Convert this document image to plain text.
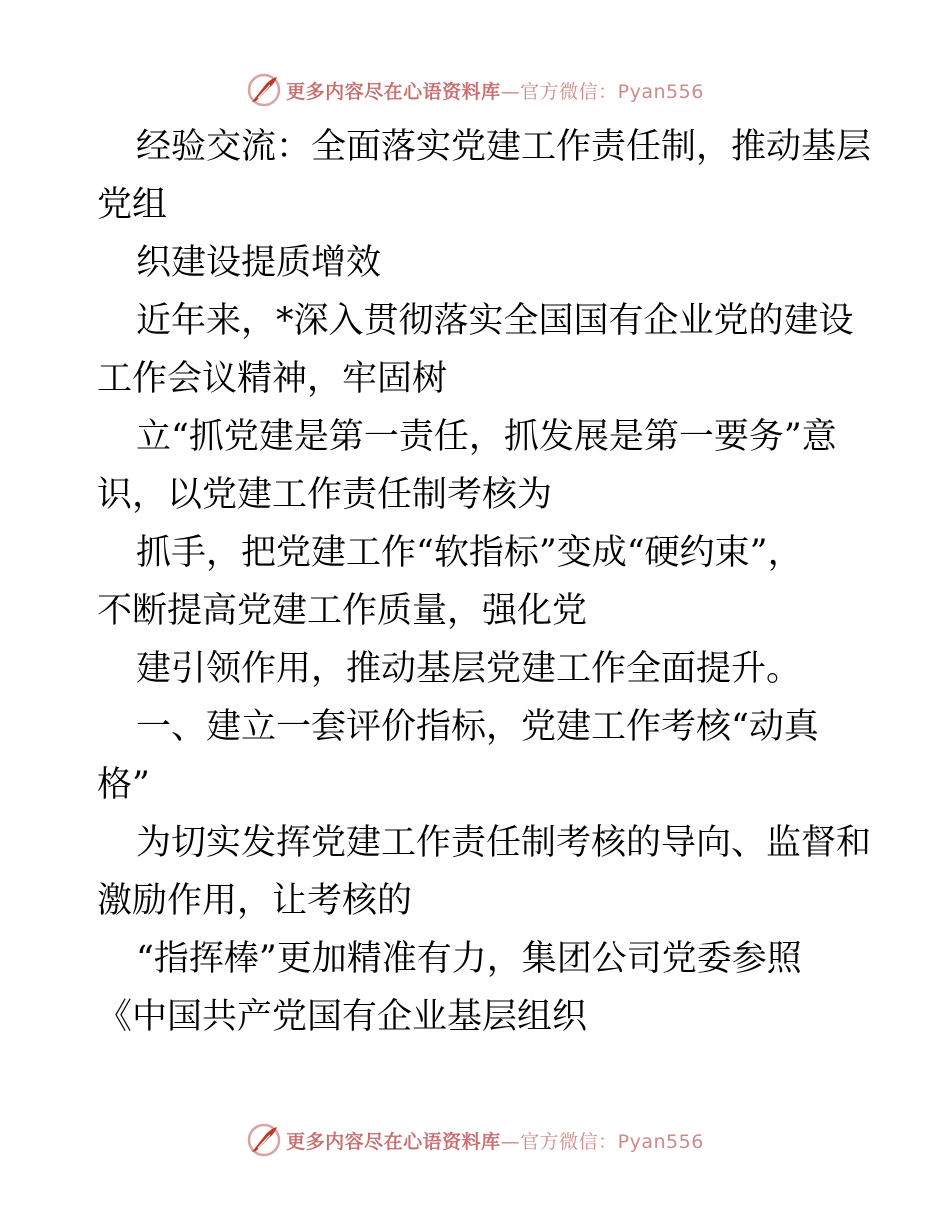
更多内容尽在心语资料库—官方微信：Pyan556
经验交流：全面落实党建工作责任制，推动基层
党组
织建设提质增效
近年来，*深入贯彻落实全国国有企业党的建设
工作会议精神，牢固树
立“抓党建是第一责任，抓发展是第一要务”意
识，以党建工作责任制考核为
抓手，把党建工作“软指标”变成“硬约束”，
不断提高党建工作质量，强化党
建引领作用，推动基层党建工作全面提升。
一、建立一套评价指标，党建工作考核“动真
格”
为切实发挥党建工作责任制考核的导向、监督和
激励作用，让考核的
“指挥棒”更加精准有力，集团公司党委参照
《中国共产党国有企业基层组织
更多内容尽在心语资料库—官方微信：Pyan556
